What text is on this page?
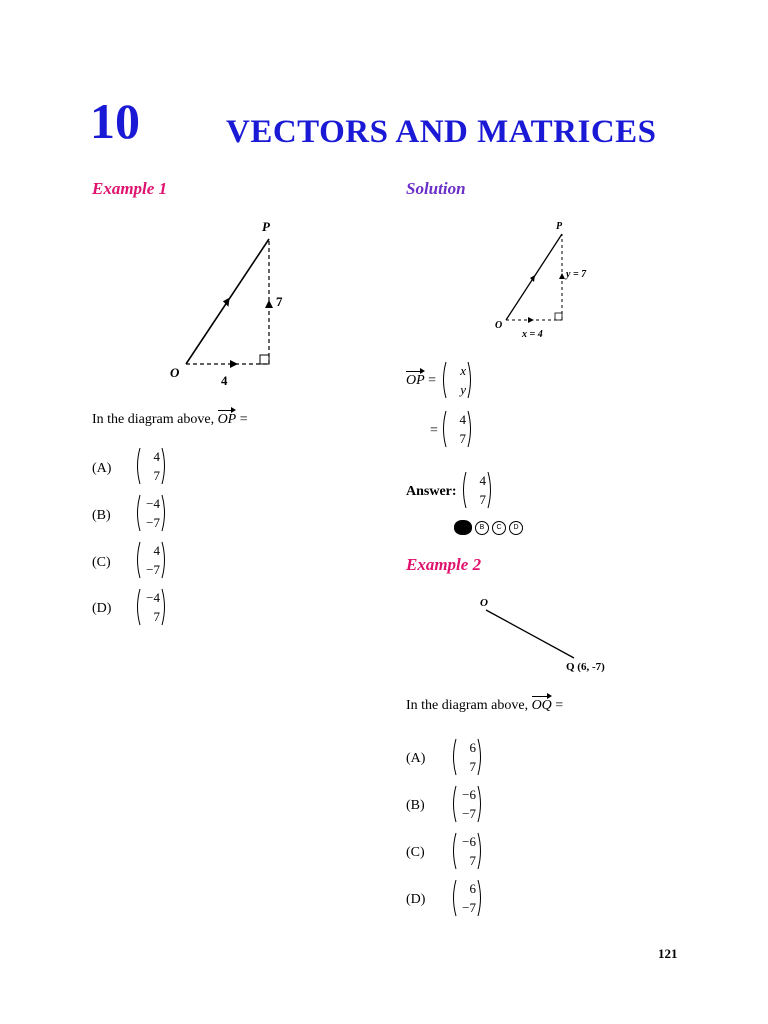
10	VECTORS AND MATRICES
Example 1
P
O
4
7
In the diagram above, OP =
(A)
4
7
(B)
−4
−7
(C)
4
−7
(D)
−4
7
Solution
P
O
x = 4
y = 7
OP =
x
y
=
4
7
Answer:
4
7
B	C	D
Example 2
O
Q (6, -7)
In the diagram above, OQ =
(A)
6
7
(B)
−6
−7
(C)
−6
7
(D)
6
−7
121
